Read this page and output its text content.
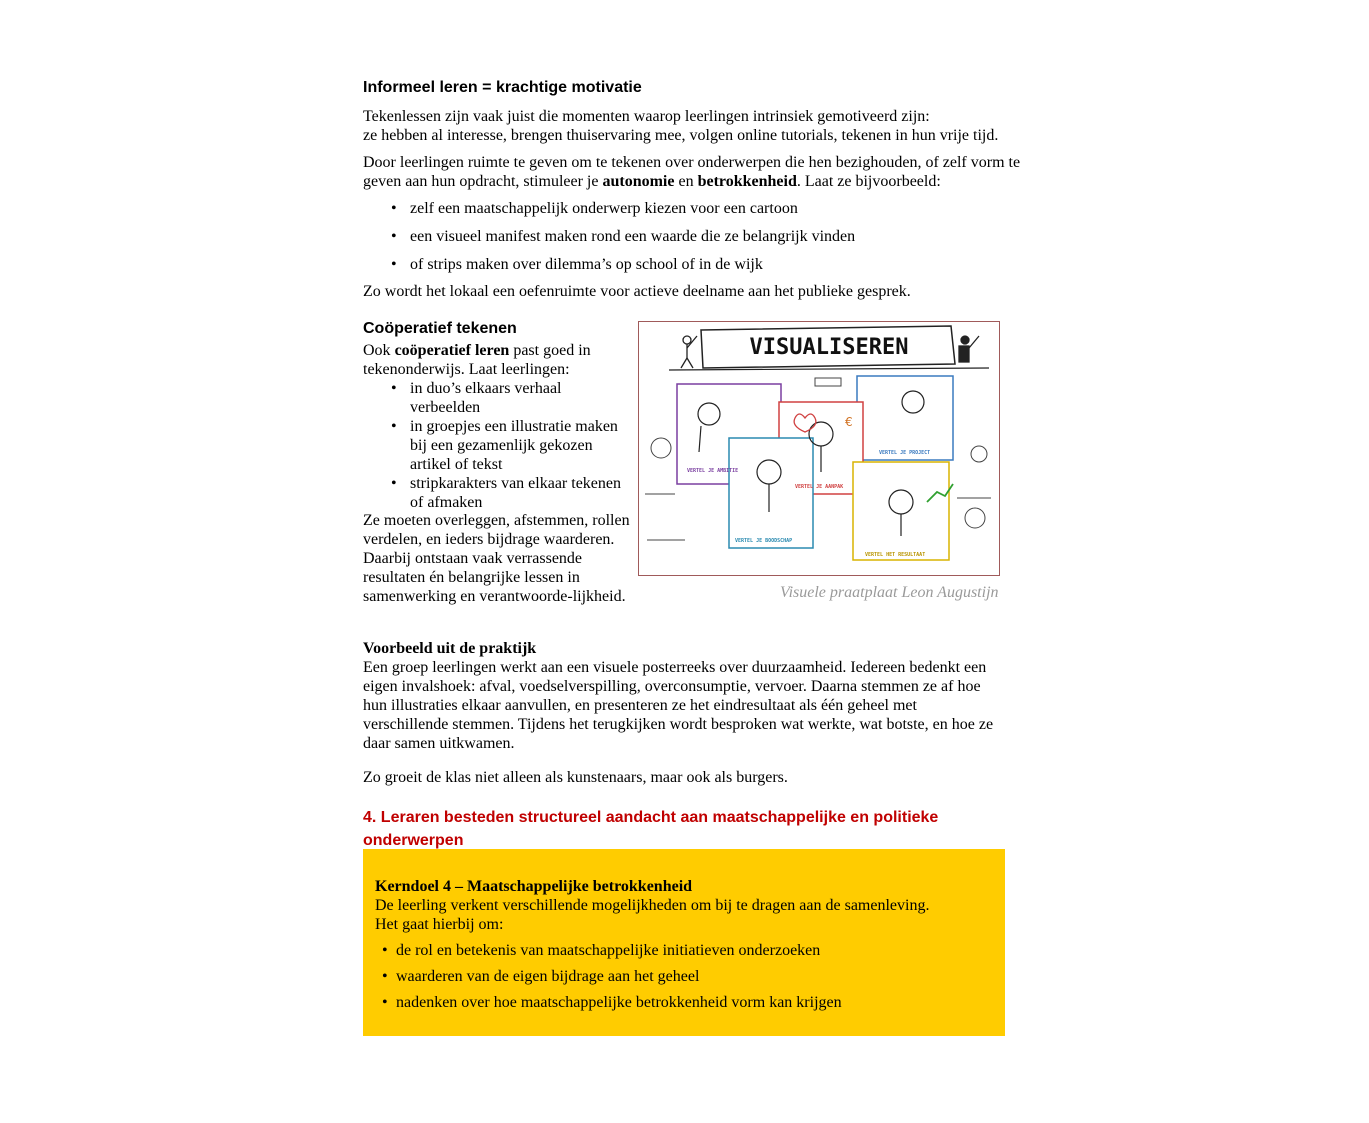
Informeel leren = krachtige motivatie

Tekenlessen zijn vaak juist die momenten waarop leerlingen intrinsiek gemotiveerd zijn:
ze hebben al interesse, brengen thuiservaring mee, volgen online tutorials, tekenen in hun vrije tijd.

Door leerlingen ruimte te geven om te tekenen over onderwerpen die hen bezighouden, of zelf vorm te geven aan hun opdracht, stimuleer je autonomie en betrokkenheid. Laat ze bijvoorbeeld:

• zelf een maatschappelijk onderwerp kiezen voor een cartoon
• een visueel manifest maken rond een waarde die ze belangrijk vinden
• of strips maken over dilemma’s op school of in de wijk

Zo wordt het lokaal een oefenruimte voor actieve deelname aan het publieke gesprek.

Coöperatief tekenen

Ook coöperatief leren past goed in tekenonderwijs. Laat leerlingen:

• in duo’s elkaars verhaal verbeelden
• in groepjes een illustratie maken bij een gezamenlijk gekozen artikel of tekst
• stripkarakters van elkaar tekenen of afmaken

Ze moeten overleggen, afstemmen, rollen verdelen, en ieders bijdrage waarderen. Daarbij ontstaan vaak verrassende resultaten én belangrijke lessen in samenwerking en verantwoorde-lijkheid.

VISUALISEREN
€
VERTEL JE AMBITIE
VERTEL JE BOODSCHAP
VERTEL JE AANPAK
VERTEL JE PROJECT
VERTEL HET RESULTAAT
Visuele praatplaat Leon Augustijn

Voorbeeld uit de praktijk

Een groep leerlingen werkt aan een visuele posterreeks over duurzaamheid. Iedereen bedenkt een eigen invalshoek: afval, voedselverspilling, overconsumptie, vervoer. Daarna stemmen ze af hoe hun illustraties elkaar aanvullen, en presenteren ze het eindresultaat als één geheel met verschillende stemmen. Tijdens het terugkijken wordt besproken wat werkte, wat botste, en hoe ze daar samen uitkwamen.

Zo groeit de klas niet alleen als kunstenaars, maar ook als burgers.

4. Leraren besteden structureel aandacht aan maatschappelijke en politieke onderwerpen

Kerndoel 4 – Maatschappelijke betrokkenheid

De leerling verkent verschillende mogelijkheden om bij te dragen aan de samenleving.

Het gaat hierbij om:

• de rol en betekenis van maatschappelijke initiatieven onderzoeken
• waarderen van de eigen bijdrage aan het geheel
• nadenken over hoe maatschappelijke betrokkenheid vorm kan krijgen
